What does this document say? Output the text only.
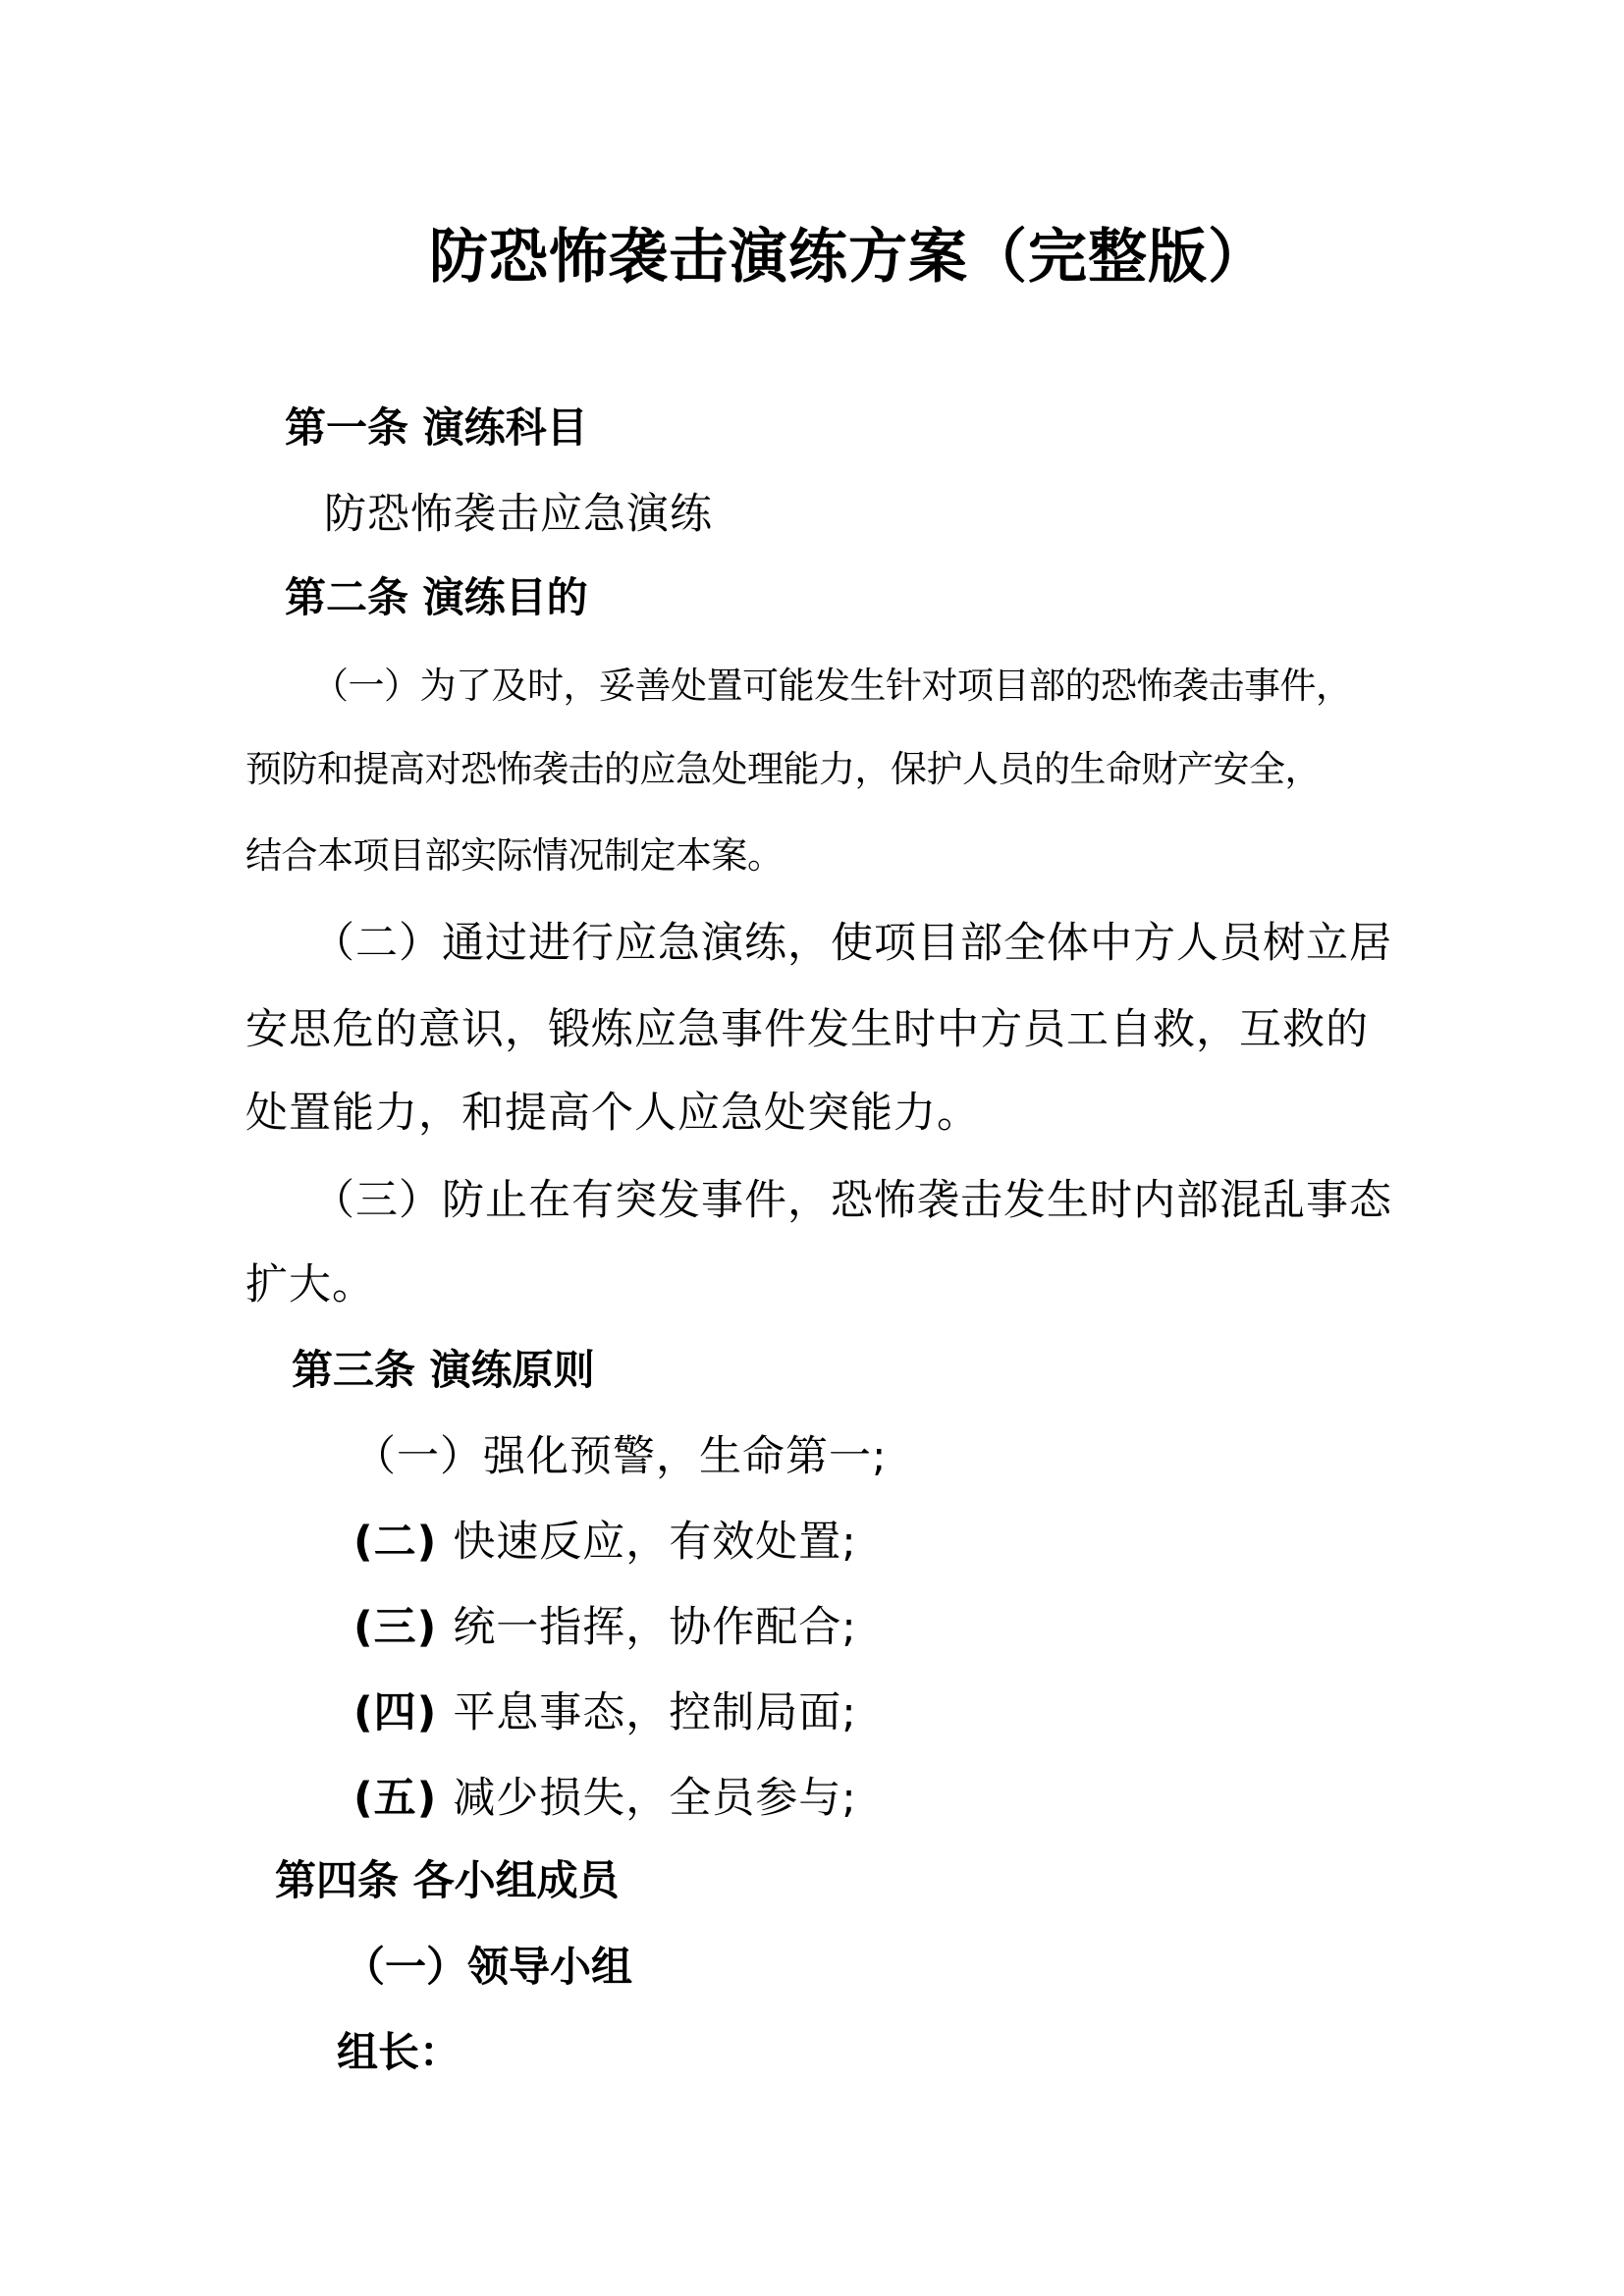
防恐怖袭击演练方案（完整版）
第一条 演练科目
防恐怖袭击应急演练
第二条 演练目的
（一）为了及时，妥善处置可能发生针对项目部的恐怖袭击事件，
预防和提高对恐怖袭击的应急处理能力，保护人员的生命财产安全，
结合本项目部实际情况制定本案。
（二）通过进行应急演练，使项目部全体中方人员树立居
安思危的意识，锻炼应急事件发生时中方员工自救，互救的
处置能力，和提高个人应急处突能力。
（三）防止在有突发事件，恐怖袭击发生时内部混乱事态
扩大。
第三条 演练原则
（一）强化预警，生命第一;
(二) 快速反应，有效处置;
(三) 统一指挥，协作配合;
(四) 平息事态，控制局面;
(五) 减少损失，全员参与;
第四条 各小组成员
（一）领导小组
组长：
